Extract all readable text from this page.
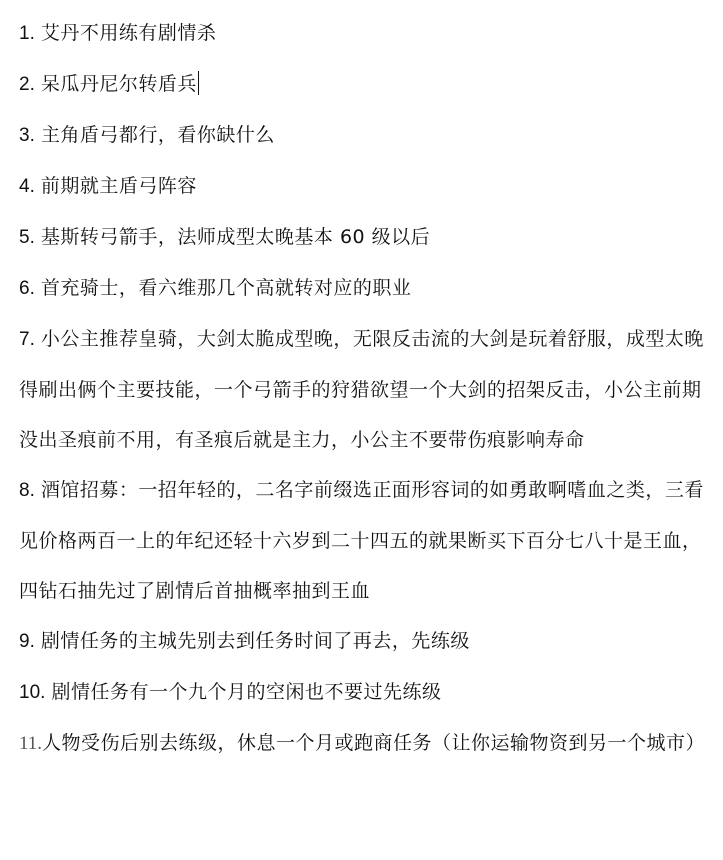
1. 艾丹不用练有剧情杀
2. 呆瓜丹尼尔转盾兵
3. 主角盾弓都行，看你缺什么
4. 前期就主盾弓阵容
5. 基斯转弓箭手，法师成型太晚基本 60 级以后
6. 首充骑士，看六维那几个高就转对应的职业
7. 小公主推荐皇骑，大剑太脆成型晚，无限反击流的大剑是玩着舒服，成型太晚得刷出俩个主要技能，一个弓箭手的狩猎欲望一个大剑的招架反击，小公主前期没出圣痕前不用，有圣痕后就是主力，小公主不要带伤痕影响寿命
8. 酒馆招募：一招年轻的，二名字前缀选正面形容词的如勇敢啊嗜血之类，三看见价格两百一上的年纪还轻十六岁到二十四五的就果断买下百分七八十是王血，四钻石抽先过了剧情后首抽概率抽到王血
9. 剧情任务的主城先别去到任务时间了再去，先练级
10. 剧情任务有一个九个月的空闲也不要过先练级
11.人物受伤后别去练级，休息一个月或跑商任务（让你运输物资到另一个城市）
